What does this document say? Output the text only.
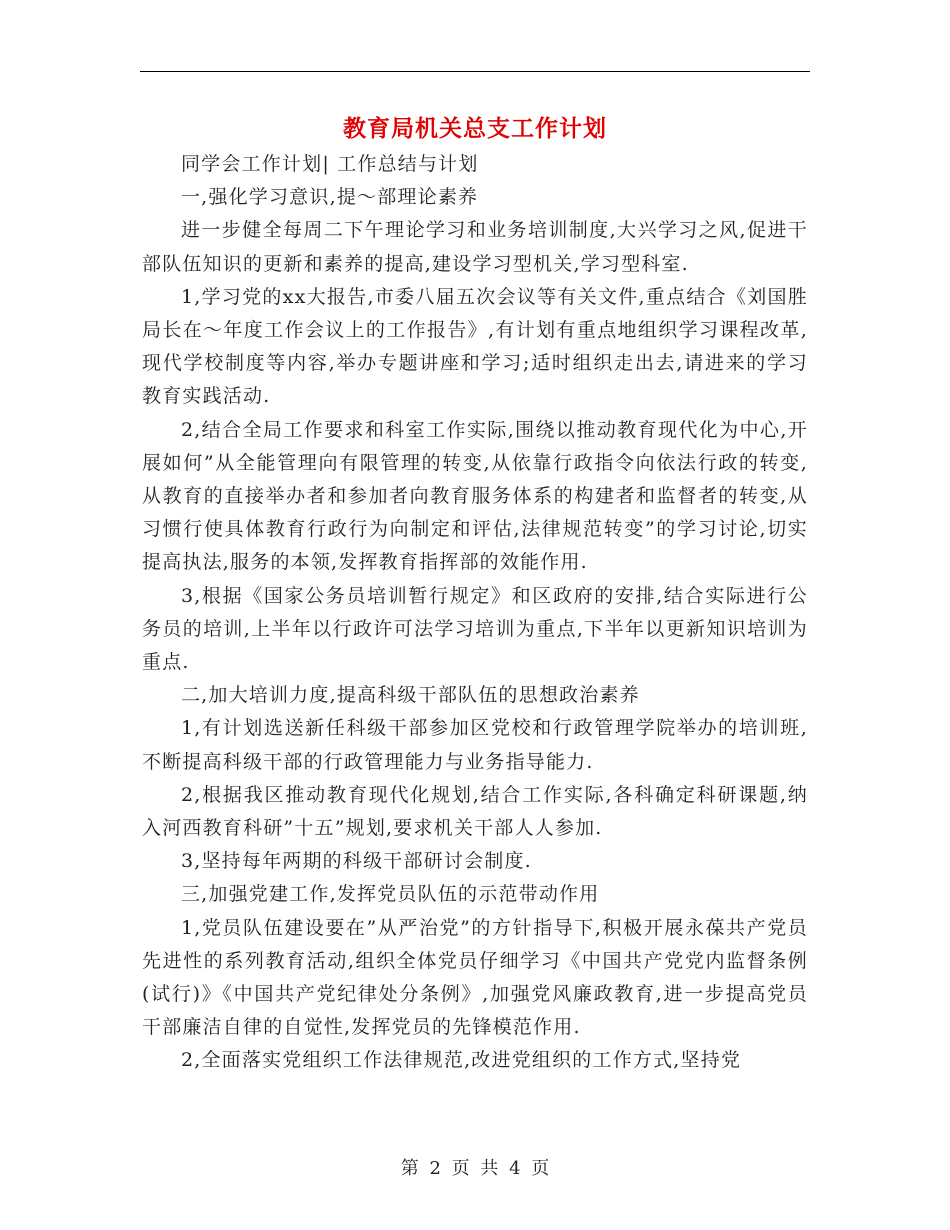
教育局机关总支工作计划

同学会工作计划| 工作总结与计划

一,强化学习意识,提～部理论素养

进一步健全每周二下午理论学习和业务培训制度,大兴学习之风,促进干部队伍知识的更新和素养的提高,建设学习型机关,学习型科室.

1,学习党的xx大报告,市委八届五次会议等有关文件,重点结合《刘国胜局长在～年度工作会议上的工作报告》,有计划有重点地组织学习课程改革,现代学校制度等内容,举办专题讲座和学习;适时组织走出去,请进来的学习教育实践活动.

2,结合全局工作要求和科室工作实际,围绕以推动教育现代化为中心,开展如何”从全能管理向有限管理的转变,从依靠行政指令向依法行政的转变,从教育的直接举办者和参加者向教育服务体系的构建者和监督者的转变,从习惯行使具体教育行政行为向制定和评估,法律规范转变”的学习讨论,切实提高执法,服务的本领,发挥教育指挥部的效能作用.

3,根据《国家公务员培训暂行规定》和区政府的安排,结合实际进行公务员的培训,上半年以行政许可法学习培训为重点,下半年以更新知识培训为重点.

二,加大培训力度,提高科级干部队伍的思想政治素养

1,有计划选送新任科级干部参加区党校和行政管理学院举办的培训班,不断提高科级干部的行政管理能力与业务指导能力.

2,根据我区推动教育现代化规划,结合工作实际,各科确定科研课题,纳入河西教育科研”十五”规划,要求机关干部人人参加.

3,坚持每年两期的科级干部研讨会制度.

三,加强党建工作,发挥党员队伍的示范带动作用

1,党员队伍建设要在”从严治党”的方针指导下,积极开展永葆共产党员先进性的系列教育活动,组织全体党员仔细学习《中国共产党党内监督条例(试行)》《中国共产党纪律处分条例》,加强党风廉政教育,进一步提高党员干部廉洁自律的自觉性,发挥党员的先锋模范作用.

2,全面落实党组织工作法律规范,改进党组织的工作方式,坚持党

第 2 页 共 4 页
